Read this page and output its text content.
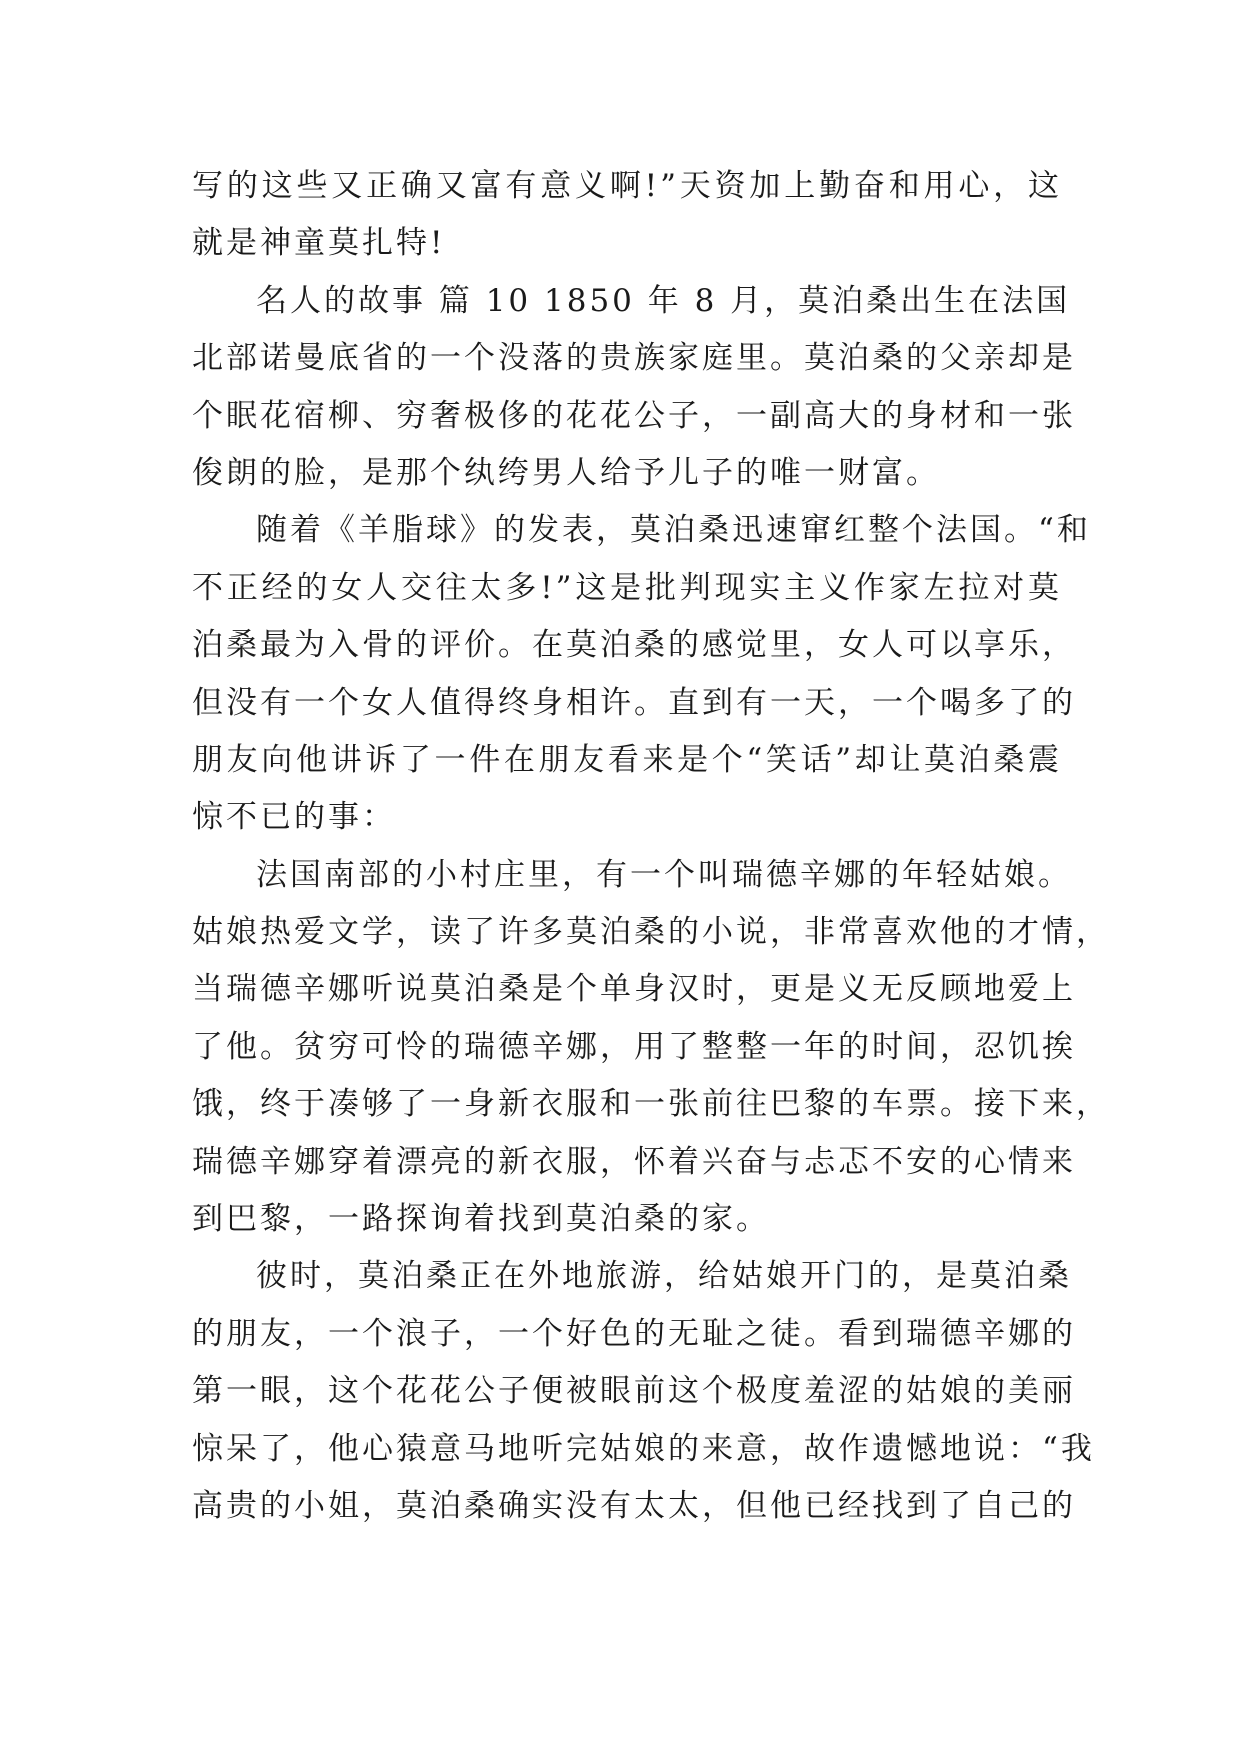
写的这些又正确又富有意义啊!”天资加上勤奋和用心，这
就是神童莫扎特!
名人的故事 篇 10 1850 年 8 月，莫泊桑出生在法国
北部诺曼底省的一个没落的贵族家庭里。莫泊桑的父亲却是
个眠花宿柳、穷奢极侈的花花公子，一副高大的身材和一张
俊朗的脸，是那个纨绔男人给予儿子的唯一财富。
随着《羊脂球》的发表，莫泊桑迅速窜红整个法国。“和
不正经的女人交往太多!”这是批判现实主义作家左拉对莫
泊桑最为入骨的评价。在莫泊桑的感觉里，女人可以享乐，
但没有一个女人值得终身相许。直到有一天，一个喝多了的
朋友向他讲诉了一件在朋友看来是个“笑话”却让莫泊桑震
惊不已的事：
法国南部的小村庄里，有一个叫瑞德辛娜的年轻姑娘。
姑娘热爱文学，读了许多莫泊桑的小说，非常喜欢他的才情，
当瑞德辛娜听说莫泊桑是个单身汉时，更是义无反顾地爱上
了他。贫穷可怜的瑞德辛娜，用了整整一年的时间，忍饥挨
饿，终于凑够了一身新衣服和一张前往巴黎的车票。接下来，
瑞德辛娜穿着漂亮的新衣服，怀着兴奋与忐忑不安的心情来
到巴黎，一路探询着找到莫泊桑的家。
彼时，莫泊桑正在外地旅游，给姑娘开门的，是莫泊桑
的朋友，一个浪子，一个好色的无耻之徒。看到瑞德辛娜的
第一眼，这个花花公子便被眼前这个极度羞涩的姑娘的美丽
惊呆了，他心猿意马地听完姑娘的来意，故作遗憾地说：“我
高贵的小姐，莫泊桑确实没有太太，但他已经找到了自己的
